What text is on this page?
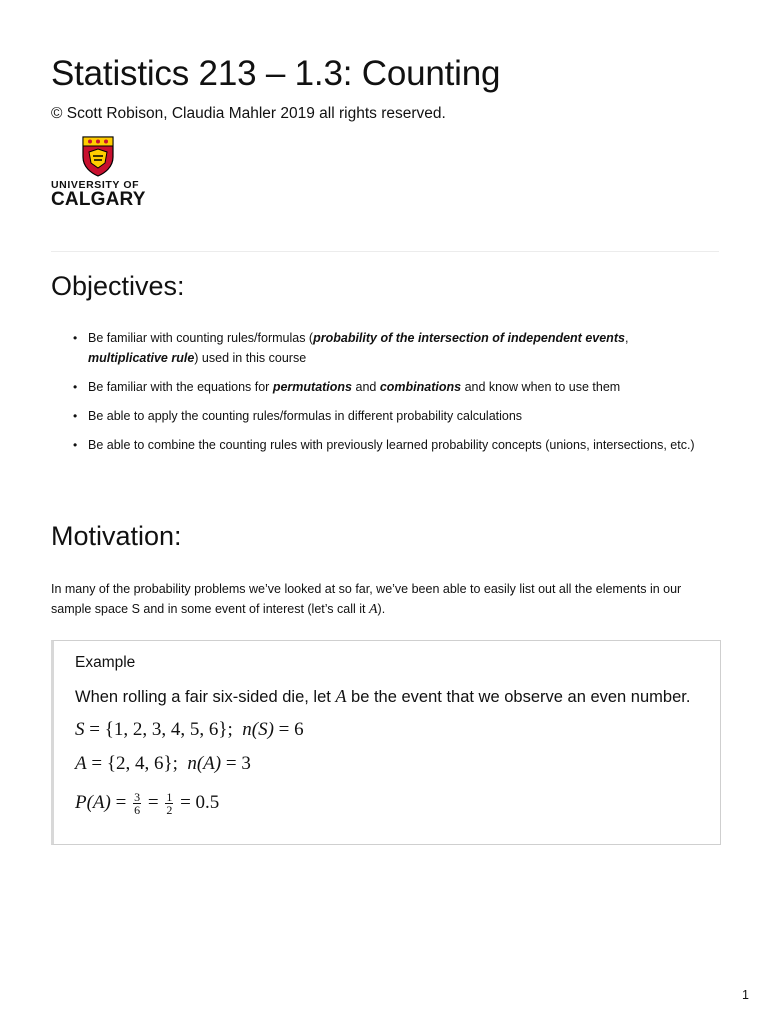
Statistics 213 – 1.3: Counting
© Scott Robison, Claudia Mahler 2019 all rights reserved.
UNIVERSITY OF
CALGARY
Objectives:
• Be familiar with counting rules/formulas (probability of the intersection of independent events, multiplicative rule) used in this course
• Be familiar with the equations for permutations and combinations and know when to use them
• Be able to apply the counting rules/formulas in different probability calculations
• Be able to combine the counting rules with previously learned probability concepts (unions, intersections, etc.)
Motivation:

In many of the probability problems we’ve looked at so far, we’ve been able to easily list out all the elements in our sample space S and in some event of interest (let’s call it A).

Example
When rolling a fair six-sided die, let A be the event that we observe an even number.
S = {1, 2, 3, 4, 5, 6}; n(S) = 6
A = {2, 4, 6}; n(A) = 3
$P(A) = \frac{3}{6} = \frac{1}{2} = 0.5$
1
